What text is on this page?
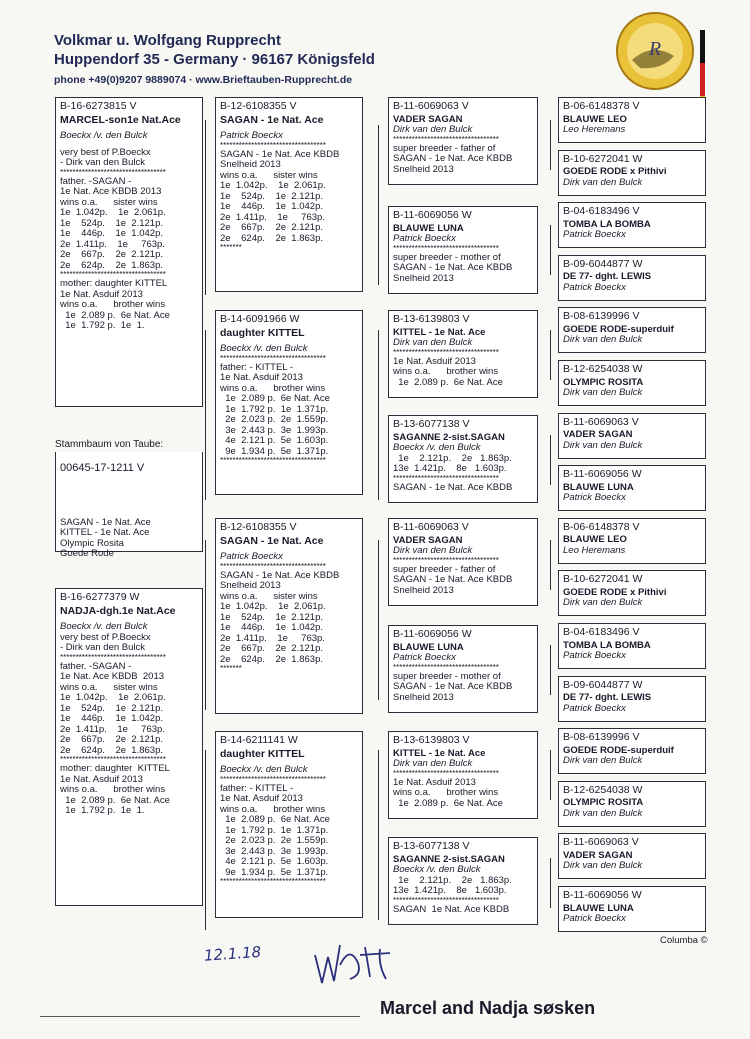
Volkmar u. Wolfgang Rupprecht
Huppendorf 35 - Germany · 96167 Königsfeld
phone +49(0)9207 9889074 · www.Brieftauben-Rupprecht.de
R
B-16-6273815 V
MARCEL-son1e Nat.Ace
Boeckx /v. den Bulck
very best of P.Boeckx
- Dirk van den Bulck
**********************************
father. -SAGAN -
1e Nat. Ace KBDB 2013
wins o.a.      sister wins
1e  1.042p.    1e  2.061p.
1e    524p.    1e  2.121p.
1e    446p.    1e  1.042p.
2e  1.411p.    1e     763p.
2e    667p.    2e  2.121p.
2e    624p.    2e  1.863p.
**********************************
mother: daughter KITTEL
1e Nat. Asduif 2013
wins o.a.      brother wins
1e  2.089 p.  6e Nat. Ace
1e  1.792 p.  1e  1.
Stammbaum von Taube:
00645-17-1211 V
SAGAN - 1e Nat. Ace
KITTEL - 1e Nat. Ace
Olympic Rosita
Goede Rode
B-16-6277379 W
NADJA-dgh.1e Nat.Ace
Boeckx /v. den Bulck
very best of P.Boeckx
- Dirk van den Bulck
**********************************
father. -SAGAN -
1e Nat. Ace KBDB  2013
wins o.a.      sister wins
1e  1.042p.    1e  2.061p.
1e    524p.    1e  2.121p.
1e    446p.    1e  1.042p.
2e  1.411p.    1e     763p.
2e    667p.    2e  2.121p.
2e    624p.    2e  1.863p.
**********************************
mother: daughter  KITTEL
1e Nat. Asduif 2013
wins o.a.      brother wins
1e  2.089 p.  6e Nat. Ace
1e  1.792 p.  1e  1.
B-12-6108355 V
SAGAN - 1e Nat. Ace
Patrick Boeckx
**********************************
SAGAN - 1e Nat. Ace KBDB
Snelheid 2013
wins o.a.      sister wins
1e  1.042p.    1e  2.061p.
1e    524p.    1e  2.121p.
1e    446p.    1e  1.042p.
2e  1.411p.    1e     763p.
2e    667p.    2e  2.121p.
2e    624p.    2e  1.863p.
*******
B-14-6091966 W
daughter KITTEL
Boeckx /v. den Bulck
**********************************
father: - KITTEL -
1e Nat. Asduif 2013
wins o.a.      brother wins
1e  2.089 p.  6e Nat. Ace
1e  1.792 p.  1e  1.371p.
2e  2.023 p.  2e  1.559p.
3e  2.443 p.  3e  1.993p.
4e  2.121 p.  5e  1.603p.
9e  1.934 p.  5e  1.371p.
**********************************
B-12-6108355 V
SAGAN - 1e Nat. Ace
Patrick Boeckx
**********************************
SAGAN - 1e Nat. Ace KBDB
Snelheid 2013
wins o.a.      sister wins
1e  1.042p.    1e  2.061p.
1e    524p.    1e  2.121p.
1e    446p.    1e  1.042p.
2e  1.411p.    1e     763p.
2e    667p.    2e  2.121p.
2e    624p.    2e  1.863p.
*******
B-14-6211141 W
daughter KITTEL
Boeckx /v. den Bulck
**********************************
father: - KITTEL -
1e Nat. Asduif 2013
wins o.a.      brother wins
1e  2.089 p.  6e Nat. Ace
1e  1.792 p.  1e  1.371p.
2e  2.023 p.  2e  1.559p.
3e  2.443 p.  3e  1.993p.
4e  2.121 p.  5e  1.603p.
9e  1.934 p.  5e  1.371p.
**********************************
B-11-6069063 V
VADER SAGAN
Dirk van den Bulck
**********************************
super breeder - father of
SAGAN - 1e Nat. Ace KBDB
Snelheid 2013
B-11-6069056 W
BLAUWE LUNA
Patrick Boeckx
**********************************
super breeder - mother of
SAGAN - 1e Nat. Ace KBDB
Snelheid 2013
B-13-6139803 V
KITTEL - 1e Nat. Ace
Dirk van den Bulck
**********************************
1e Nat. Asduif 2013
wins o.a.      brother wins
1e  2.089 p.  6e Nat. Ace
B-13-6077138 V
SAGANNE 2-sist.SAGAN
Boeckx /v. den Bulck
1e    2.121p.    2e   1.863p.
13e  1.421p.    8e   1.603p.
**********************************
SAGAN - 1e Nat. Ace KBDB
B-11-6069063 V
VADER SAGAN
Dirk van den Bulck
**********************************
super breeder - father of
SAGAN - 1e Nat. Ace KBDB
Snelheid 2013
B-11-6069056 W
BLAUWE LUNA
Patrick Boeckx
**********************************
super breeder - mother of
SAGAN - 1e Nat. Ace KBDB
Snelheid 2013
B-13-6139803 V
KITTEL - 1e Nat. Ace
Dirk van den Bulck
**********************************
1e Nat. Asduif 2013
wins o.a.      brother wins
1e  2.089 p.  6e Nat. Ace
B-13-6077138 V
SAGANNE 2-sist.SAGAN
Boeckx /v. den Bulck
1e    2.121p.    2e   1.863p.
13e  1.421p.    8e   1.603p.
**********************************
SAGAN  1e Nat. Ace KBDB
B-06-6148378 V
BLAUWE LEO
Leo Heremans
B-10-6272041 W
GOEDE RODE x Pithivi
Dirk van den Bulck
B-04-6183496 V
TOMBA LA BOMBA
Patrick Boeckx
B-09-6044877 W
DE 77- dght. LEWIS
Patrick Boeckx
B-08-6139996 V
GOEDE RODE-superduif
Dirk van den Bulck
B-12-6254038 W
OLYMPIC ROSITA
Dirk van den Bulck
B-11-6069063 V
VADER SAGAN
Dirk van den Bulck
B-11-6069056 W
BLAUWE LUNA
Patrick Boeckx
B-06-6148378 V
BLAUWE LEO
Leo Heremans
B-10-6272041 W
GOEDE RODE x Pithivi
Dirk van den Bulck
B-04-6183496 V
TOMBA LA BOMBA
Patrick Boeckx
B-09-6044877 W
DE 77- dght. LEWIS
Patrick Boeckx
B-08-6139996 V
GOEDE RODE-superduif
Dirk van den Bulck
B-12-6254038 W
OLYMPIC ROSITA
Dirk van den Bulck
B-11-6069063 V
VADER SAGAN
Dirk van den Bulck
B-11-6069056 W
BLAUWE LUNA
Patrick Boeckx
12.1.18
Columba ©
Marcel and Nadja søsken
